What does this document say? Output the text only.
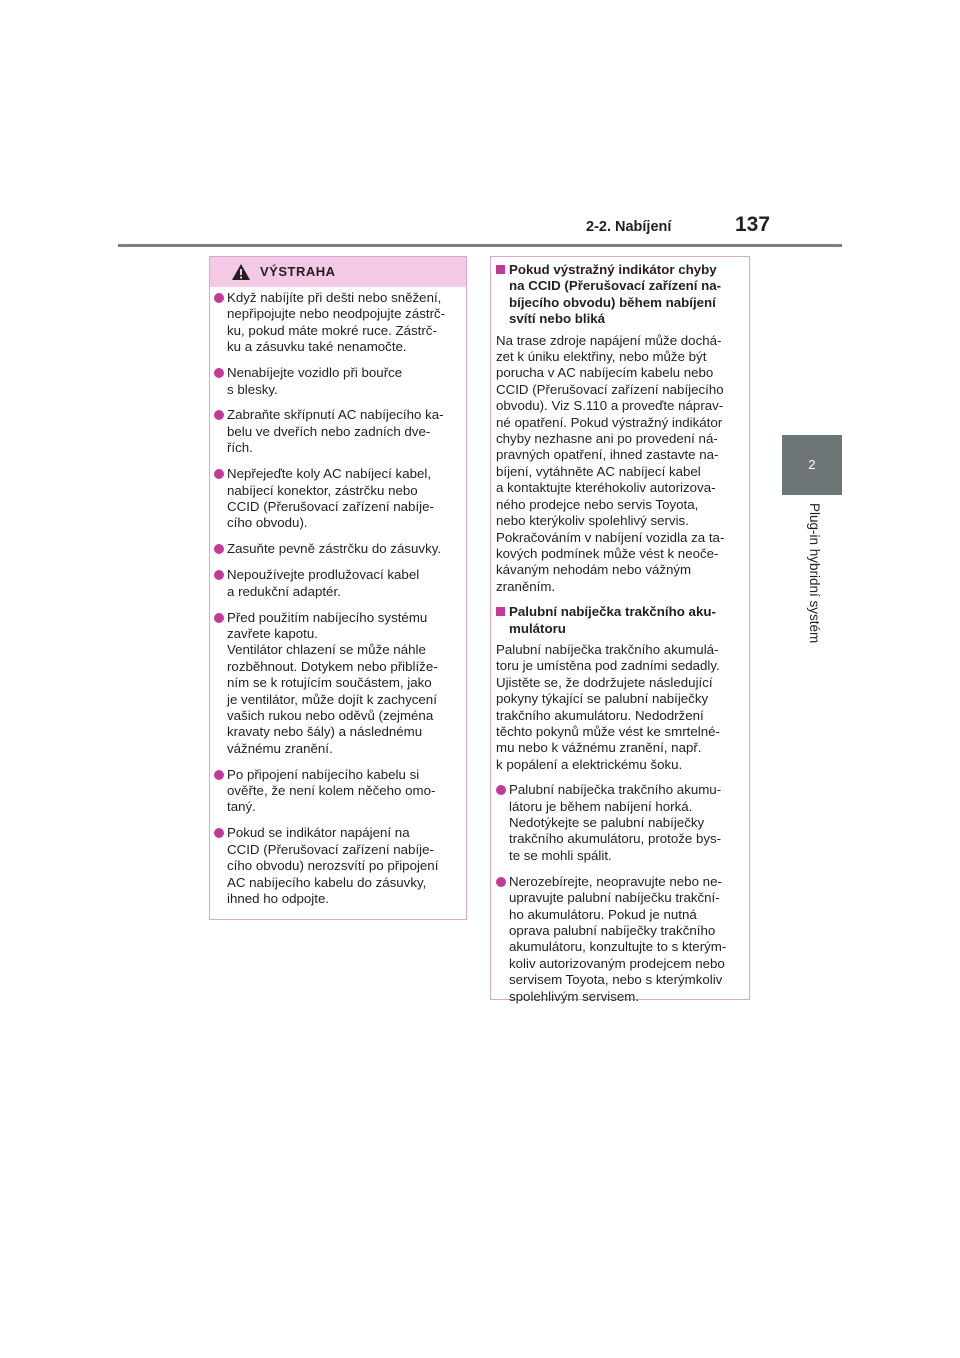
2-2. Nabíjení	137
2
Plug-in hybridní systém
VÝSTRAHA
Když nabíjíte při dešti nebo sněžení,
nepřipojujte nebo neodpojujte zástrč-
ku, pokud máte mokré ruce. Zástrč-
ku a zásuvku také nenamočte.
Nenabíjejte vozidlo při bouřce
s blesky.
Zabraňte skřípnutí AC nabíjecího ka-
belu ve dveřích nebo zadních dve-
řích.
Nepřejeďte koly AC nabíjecí kabel,
nabíjecí konektor, zástrčku nebo
CCID (Přerušovací zařízení nabíje-
cího obvodu).
Zasuňte pevně zástrčku do zásuvky.
Nepoužívejte prodlužovací kabel
a redukční adaptér.
Před použitím nabíjecího systému
zavřete kapotu.
Ventilátor chlazení se může náhle
rozběhnout. Dotykem nebo přiblíže-
ním se k rotujícím součástem, jako
je ventilátor, může dojít k zachycení
vašich rukou nebo oděvů (zejména
kravaty nebo šály) a následnému
vážnému zranění.
Po připojení nabíjecího kabelu si
ověřte, že není kolem něčeho omo-
taný.
Pokud se indikátor napájení na
CCID (Přerušovací zařízení nabíje-
cího obvodu) nerozsvítí po připojení
AC nabíjecího kabelu do zásuvky,
ihned ho odpojte.
Pokud výstražný indikátor chyby
na CCID (Přerušovací zařízení na-
bíjecího obvodu) během nabíjení
svítí nebo bliká
Na trase zdroje napájení může dochá-
zet k úniku elektřiny, nebo může být
porucha v AC nabíjecím kabelu nebo
CCID (Přerušovací zařízení nabíjecího
obvodu). Viz S.110 a proveďte náprav-
né opatření. Pokud výstražný indikátor
chyby nezhasne ani po provedení ná-
pravných opatření, ihned zastavte na-
bíjení, vytáhněte AC nabíjecí kabel
a kontaktujte kteréhokoliv autorizova-
ného prodejce nebo servis Toyota,
nebo kterýkoliv spolehlivý servis.
Pokračováním v nabíjení vozidla za ta-
kových podmínek může vést k neoče-
kávaným nehodám nebo vážným
zraněním.
Palubní nabíječka trakčního aku-
mulátoru
Palubní nabíječka trakčního akumulá-
toru je umístěna pod zadními sedadly.
Ujistěte se, že dodržujete následující
pokyny týkající se palubní nabíječky
trakčního akumulátoru. Nedodržení
těchto pokynů může vést ke smrtelné-
mu nebo k vážnému zranění, např.
k popálení a elektrickému šoku.
Palubní nabíječka trakčního akumu-
látoru je během nabíjení horká.
Nedotýkejte se palubní nabíječky
trakčního akumulátoru, protože bys-
te se mohli spálit.
Nerozebírejte, neopravujte nebo ne-
upravujte palubní nabíječku trakční-
ho akumulátoru. Pokud je nutná
oprava palubní nabíječky trakčního
akumulátoru, konzultujte to s kterým-
koliv autorizovaným prodejcem nebo
servisem Toyota, nebo s kterýmkoliv
spolehlivým servisem.
